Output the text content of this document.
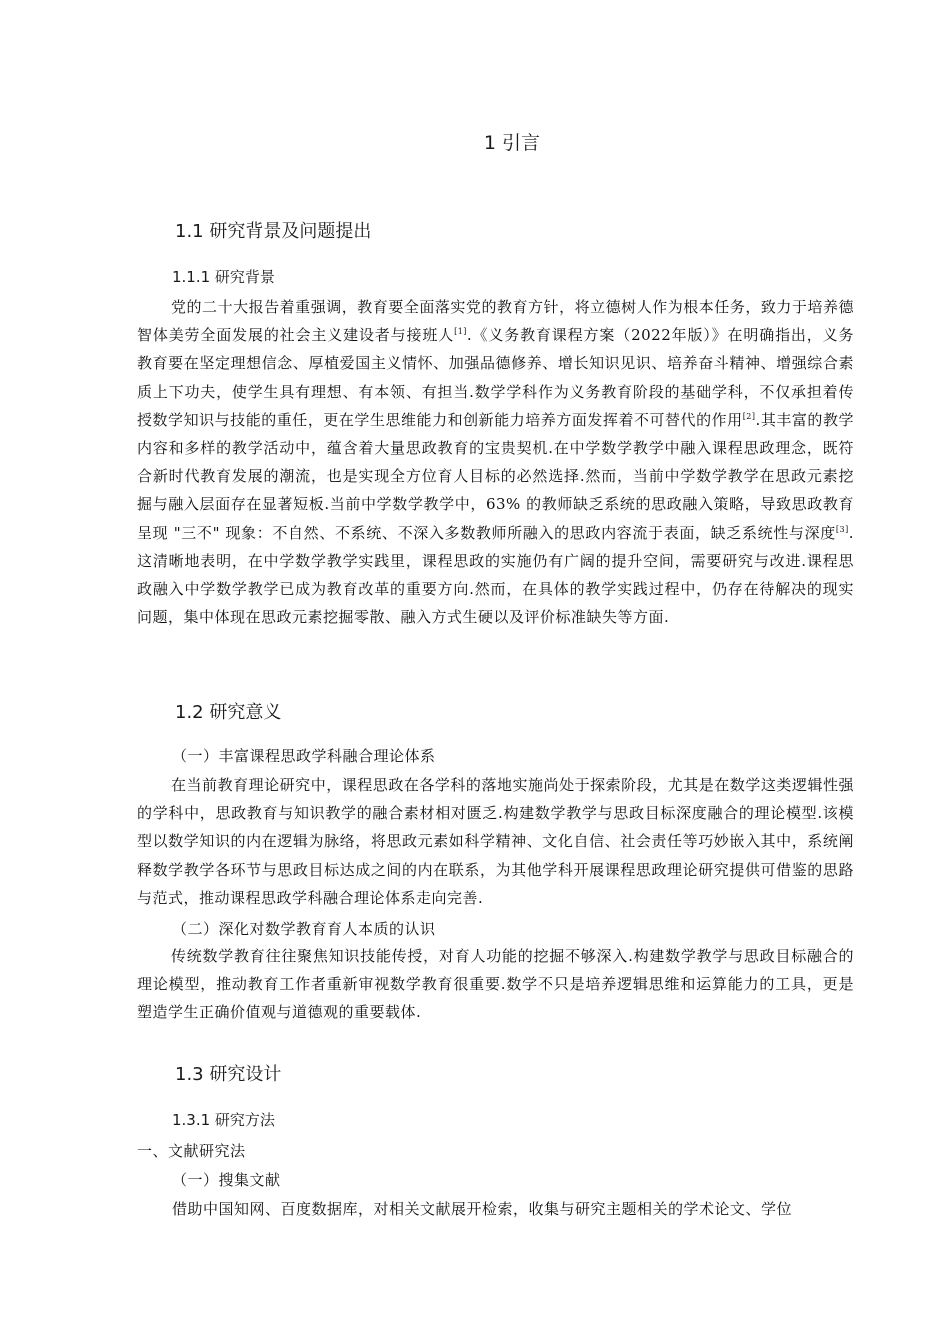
1 引言
1.1 研究背景及问题提出
1.1.1 研究背景

党的二十大报告着重强调，教育要全面落实党的教育方针，将立德树人作为根本任务，致力于培养德智体美劳全面发展的社会主义建设者与接班人[1].《义务教育课程方案（2022年版）》在明确指出，义务教育要在坚定理想信念、厚植爱国主义情怀、加强品德修养、增长知识见识、培养奋斗精神、增强综合素质上下功夫，使学生具有理想、有本领、有担当.数学学科作为义务教育阶段的基础学科，不仅承担着传授数学知识与技能的重任，更在学生思维能力和创新能力培养方面发挥着不可替代的作用[2].其丰富的教学内容和多样的教学活动中，蕴含着大量思政教育的宝贵契机.在中学数学教学中融入课程思政理念，既符合新时代教育发展的潮流，也是实现全方位育人目标的必然选择.然而，当前中学数学教学在思政元素挖掘与融入层面存在显著短板.当前中学数学教学中，63% 的教师缺乏系统的思政融入策略，导致思政教育呈现 "三不" 现象：不自然、不系统、不深入多数教师所融入的思政内容流于表面，缺乏系统性与深度[3].这清晰地表明，在中学数学教学实践里，课程思政的实施仍有广阔的提升空间，需要研究与改进.课程思政融入中学数学教学已成为教育改革的重要方向.然而，在具体的教学实践过程中，仍存在待解决的现实问题，集中体现在思政元素挖掘零散、融入方式生硬以及评价标准缺失等方面.

1.2 研究意义

（一）丰富课程思政学科融合理论体系

在当前教育理论研究中，课程思政在各学科的落地实施尚处于探索阶段，尤其是在数学这类逻辑性强的学科中，思政教育与知识教学的融合素材相对匮乏.构建数学教学与思政目标深度融合的理论模型.该模型以数学知识的内在逻辑为脉络，将思政元素如科学精神、文化自信、社会责任等巧妙嵌入其中，系统阐释数学教学各环节与思政目标达成之间的内在联系，为其他学科开展课程思政理论研究提供可借鉴的思路与范式，推动课程思政学科融合理论体系走向完善.

（二）深化对数学教育育人本质的认识

传统数学教育往往聚焦知识技能传授，对育人功能的挖掘不够深入.构建数学教学与思政目标融合的理论模型，推动教育工作者重新审视数学教育很重要.数学不只是培养逻辑思维和运算能力的工具，更是塑造学生正确价值观与道德观的重要载体.

1.3 研究设计
1.3.1 研究方法

一、文献研究法

（一）搜集文献

借助中国知网、百度数据库，对相关文献展开检索，收集与研究主题相关的学术论文、学位
